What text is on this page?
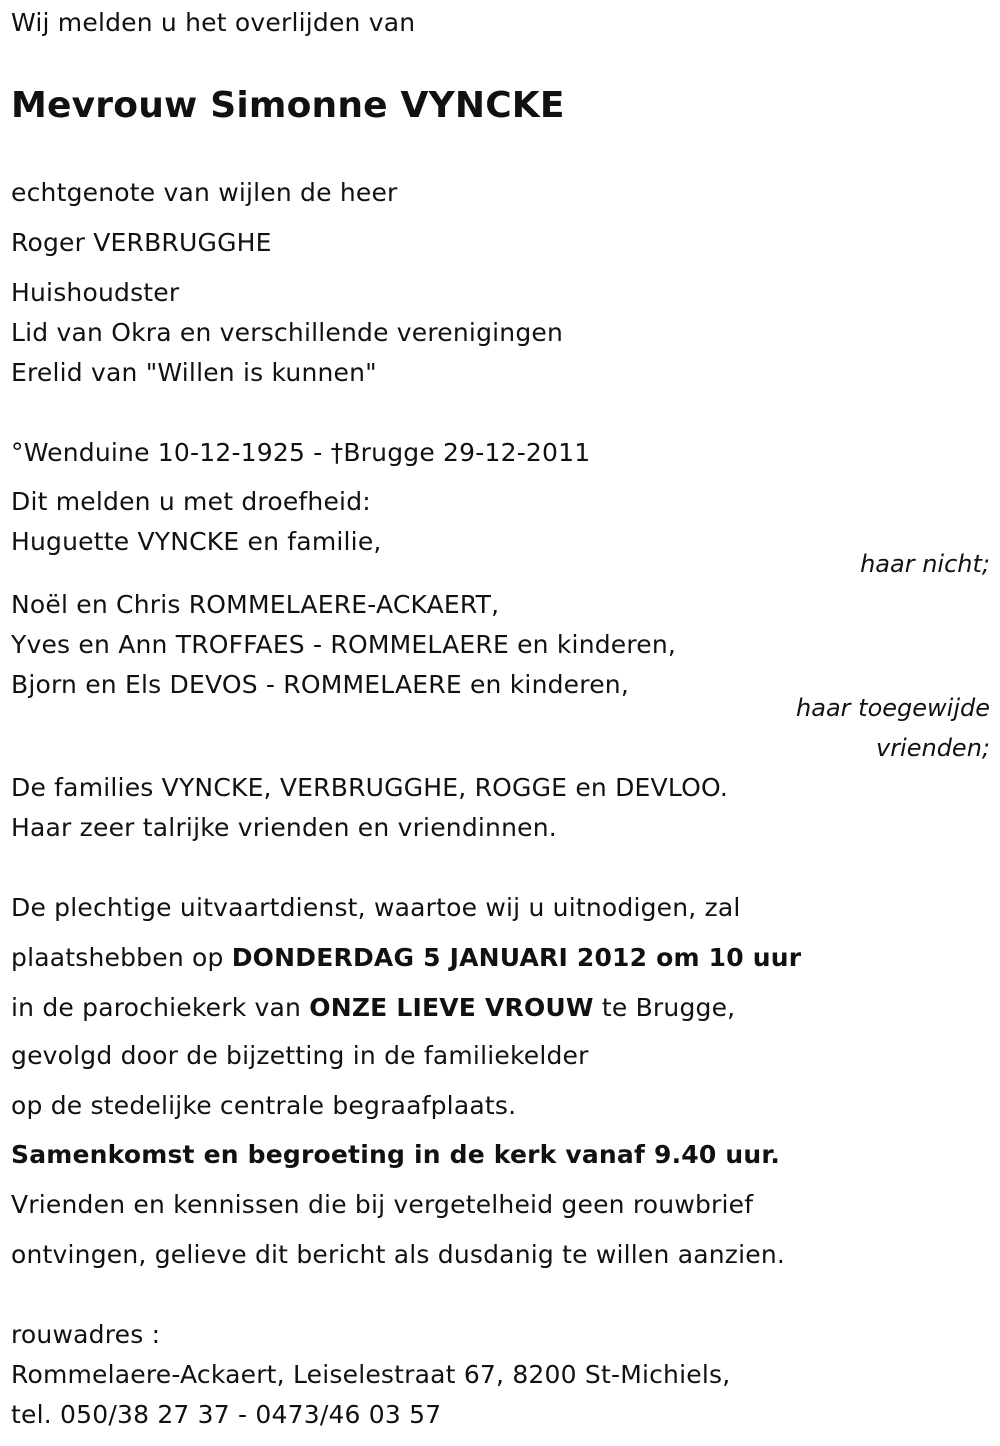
Wij melden u het overlijden van
Mevrouw Simonne VYNCKE
echtgenote van wijlen de heer
Roger VERBRUGGHE
Huishoudster
Lid van Okra en verschillende verenigingen
Erelid van "Willen is kunnen"
°Wenduine 10-12-1925 - †Brugge 29-12-2011
Dit melden u met droefheid:
Huguette VYNCKE en familie,
haar nicht;
Noël en Chris ROMMELAERE-ACKAERT,
Yves en Ann TROFFAES - ROMMELAERE en kinderen,
Bjorn en Els DEVOS - ROMMELAERE en kinderen,
haar toegewijde
vrienden;
De families VYNCKE, VERBRUGGHE, ROGGE en DEVLOO.
Haar zeer talrijke vrienden en vriendinnen.
De plechtige uitvaartdienst, waartoe wij u uitnodigen, zal
plaatshebben op DONDERDAG 5 JANUARI 2012 om 10 uur
in de parochiekerk van ONZE LIEVE VROUW te Brugge,
gevolgd door de bijzetting in de familiekelder
op de stedelijke centrale begraafplaats.
Samenkomst en begroeting in de kerk vanaf 9.40 uur.
Vrienden en kennissen die bij vergetelheid geen rouwbrief
ontvingen, gelieve dit bericht als dusdanig te willen aanzien.
rouwadres :
Rommelaere-Ackaert, Leiselestraat 67, 8200 St-Michiels,
tel. 050/38 27 37 - 0473/46 03 57
